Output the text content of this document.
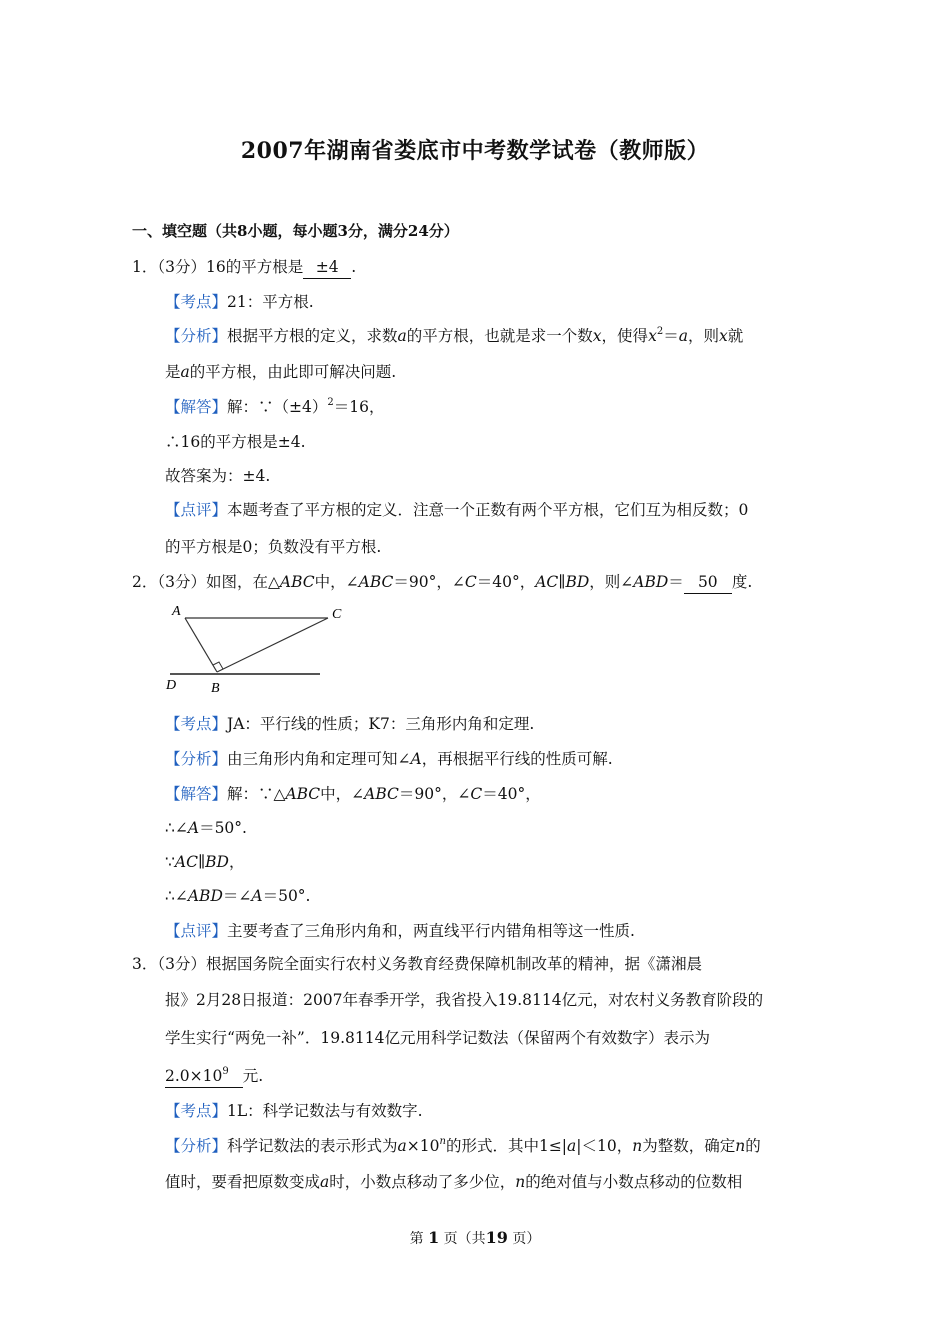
2007年湖南省娄底市中考数学试卷（教师版）
一、填空题（共8小题，每小题3分，满分24分）
1．（3分）16的平方根是 ±4 .
【考点】21：平方根.
【分析】根据平方根的定义，求数a的平方根，也就是求一个数x，使得$x^2=a$，则x就
是a的平方根，由此即可解决问题.
【解答】解：$\because(\pm 4)^2=16$，
∴16的平方根是±4.
故答案为：±4.
【点评】本题考查了平方根的定义．注意一个正数有两个平方根，它们互为相反数；0
的平方根是0；负数没有平方根.
2．（3分）如图，在△ABC中，∠ABC＝90°，∠C＝40°，AC∥BD，则∠ABD＝ 50 度.
A	C
D B
【考点】JA：平行线的性质；K7：三角形内角和定理.
【分析】由三角形内角和定理可知∠A，再根据平行线的性质可解.
【解答】解：∵△ABC中，∠ABC＝90°，∠C＝40°，
∴∠A＝50°.
∵AC∥BD，
∴∠ABD＝∠A＝50°.
【点评】主要考查了三角形内角和，两直线平行内错角相等这一性质.
3．（3分）根据国务院全面实行农村义务教育经费保障机制改革的精神，据《潇湘晨
报》2月28日报道：2007年春季开学，我省投入19.8114亿元，对农村义务教育阶段的
学生实行“两免一补”．19.8114亿元用科学记数法（保留两个有效数字）表示为
$2.0\times 10^9$ 元.
【考点】1L：科学记数法与有效数字.
【分析】科学记数法的表示形式为$a\times 10^n$的形式．其中1≤|a|＜10，n为整数，确定n的
值时，要看把原数变成a时，小数点移动了多少位，n的绝对值与小数点移动的位数相
第 1 页（共19 页）
